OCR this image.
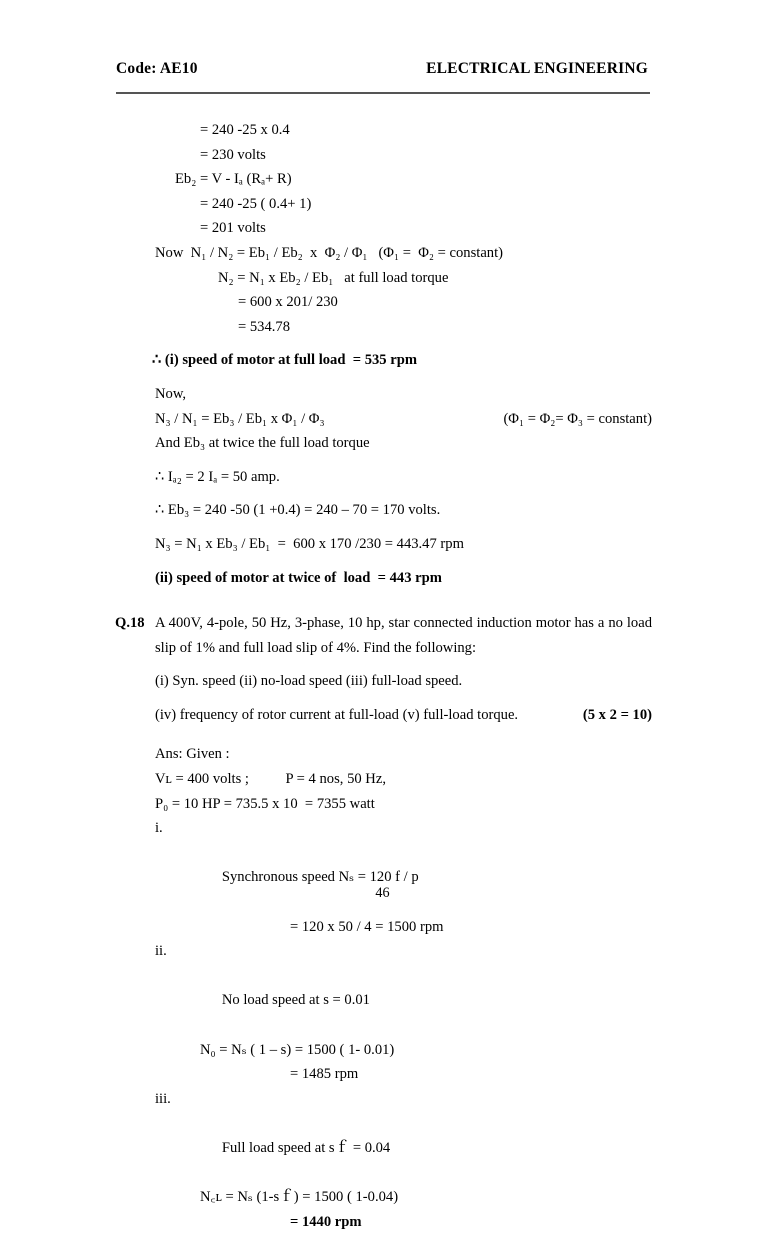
Code: AE10	ELECTRICAL ENGINEERING
= 240 -25 x 0.4
= 230 volts
Eb₂ = V - Iₐ (Rₐ+ R)
= 240 -25 ( 0.4+ 1)
= 201 volts
Now  N₁ / N₂ = Eb₁ / Eb₂  x  Φ₂ / Φ₁   (Φ₁ =  Φ₂ = constant)
N₂ = N₁ x Eb₂ / Eb₁   at full load torque
= 600 x 201/ 230
= 534.78
∴ (i) speed of motor at full load  = 535 rpm
Now,
N₃ / N₁ = Eb₃ / Eb₁ x Φ₁ / Φ₃	(Φ₁ = Φ₂= Φ₃ = constant)
And Eb₃ at twice the full load torque
∴ Iₐ₂ = 2 Iₐ = 50 amp.
∴ Eb₃ = 240 -50 (1 +0.4) = 240 – 70 = 170 volts.
N₃ = N₁ x Eb₃ / Eb₁  =  600 x 170 /230 = 443.47 rpm
(ii) speed of motor at twice of  load  = 443 rpm
Q.18 A 400V, 4-pole, 50 Hz, 3-phase, 10 hp, star connected induction motor has a no load slip of 1% and full load slip of 4%. Find the following:
(i) Syn. speed (ii) no-load speed (iii) full-load speed.
(iv) frequency of rotor current at full-load (v) full-load torque.	(5 x 2 = 10)
Ans: Given :
Vʟ = 400 volts ;          P = 4 nos, 50 Hz,
P₀ = 10 HP = 735.5 x 10  = 7355 watt

i.

Synchronous speed Nₛ = 120 f / p

= 120 x 50 / 4 = 1500 rpm

ii.

No load speed at s = 0.01

N₀ = Nₛ ( 1 – s) = 1500 ( 1- 0.01)
= 1485 rpm

iii.

Full load speed at sｆ = 0.04

N꜀ʟ = Nₛ (1-sｆ) = 1500 ( 1-0.04)
= 1440 rpm
46
